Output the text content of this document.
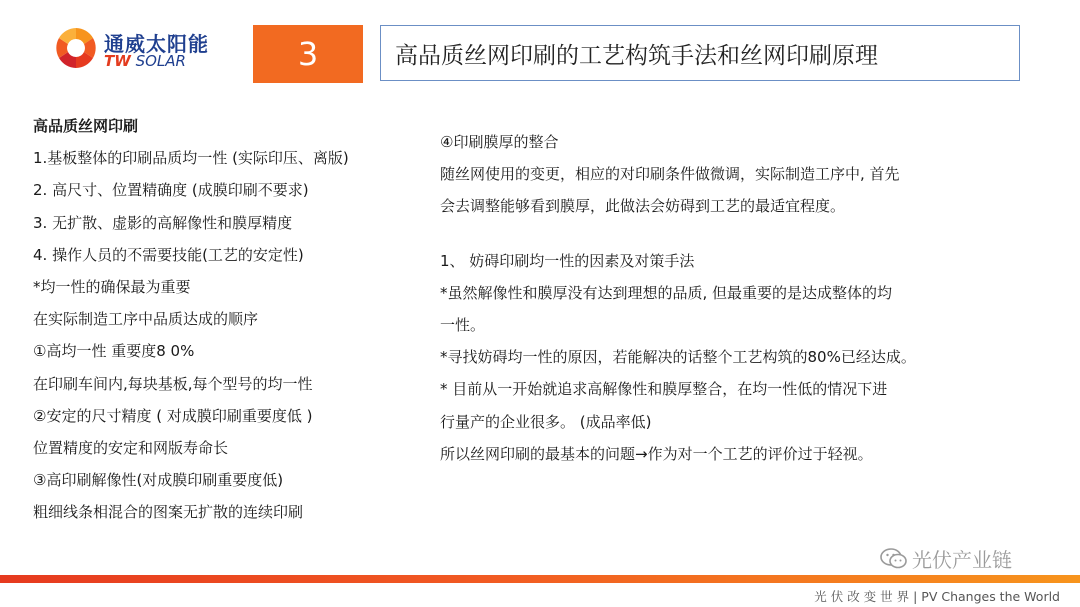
通威太阳能
TW SOLAR	3	高品质丝网印刷的工艺构筑手法和丝网印刷原理
高品质丝网印刷
1.基板整体的印刷品质均一性 (实际印压、离版)
2. 高尺寸、位置精确度 (成膜印刷不要求)
3. 无扩散、虚影的高解像性和膜厚精度
4. 操作人员的不需要技能(工艺的安定性)
*均一性的确保最为重要
在实际制造工序中品质达成的顺序
①高均一性 重要度8 0%
在印刷车间内,每块基板,每个型号的均一性
②安定的尺寸精度 ( 对成膜印刷重要度低 )
位置精度的安定和网版寿命长
③高印刷解像性(对成膜印刷重要度低)
粗细线条相混合的图案无扩散的连续印刷
④印刷膜厚的整合
随丝网使用的变更，相应的对印刷条件做微调，实际制造工序中, 首先
会去调整能够看到膜厚，此做法会妨碍到工艺的最适宜程度。
1、 妨碍印刷均一性的因素及对策手法
*虽然解像性和膜厚没有达到理想的品质, 但最重要的是达成整体的均
一性。
*寻找妨碍均一性的原因，若能解决的话整个工艺构筑的80%已经达成。
* 目前从一开始就追求高解像性和膜厚整合，在均一性低的情况下进
行量产的企业很多。 (成品率低)
所以丝网印刷的最基本的问题→作为对一个工艺的评价过于轻视。
光伏产业链
光 伏 改 变 世 界 | PV Changes the World
